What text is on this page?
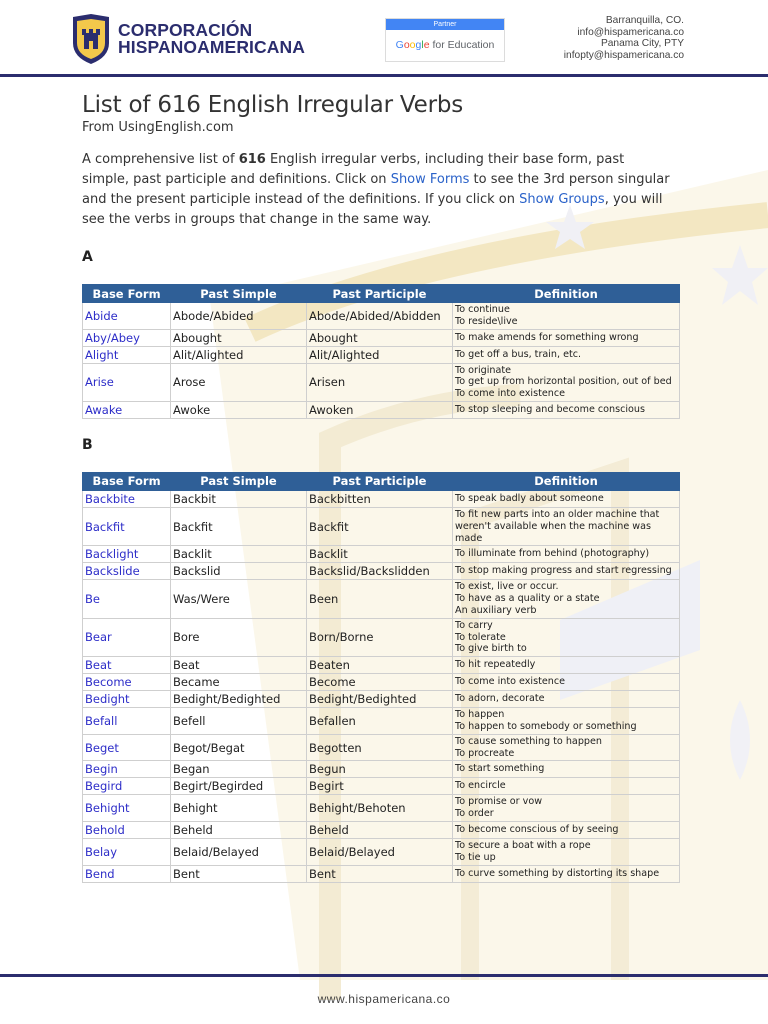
CORPORACIÓN
HISPANOAMERICANA
Partner
Google for Education
Barranquilla, CO.
info@hispamericana.co
Panama City, PTY
infopty@hispamericana.co
List of 616 English Irregular Verbs
From UsingEnglish.com
A comprehensive list of 616 English irregular verbs, including their base form, past simple, past participle and definitions. Click on Show Forms to see the 3rd person singular and the present participle instead of the definitions. If you click on Show Groups, you will see the verbs in groups that change in the same way.
A
Base Form	Past Simple	Past Participle	Definition
Abide	Abode/Abided	Abode/Abided/Abidden	To continue
To reside\live

Aby/Abey	Abought	Abought	To make amends for something wrong

Alight	Alit/Alighted	Alit/Alighted	To get off a bus, train, etc.

Arise	Arose	Arisen	To originate
To get up from horizontal position, out of bed
To come into existence

Awake	Awoke	Awoken	To stop sleeping and become conscious
B
Base Form	Past Simple	Past Participle	Definition
Backbite	Backbit	Backbitten	To speak badly about someone

Backfit	Backfit	Backfit	To fit new parts into an older machine that weren't available when the machine was made

Backlight	Backlit	Backlit	To illuminate from behind (photography)

Backslide	Backslid	Backslid/Backslidden	To stop making progress and start regressing

Be	Was/Were	Been	To exist, live or occur.
To have as a quality or a state
An auxiliary verb

Bear	Bore	Born/Borne	To carry
To tolerate
To give birth to

Beat	Beat	Beaten	To hit repeatedly

Become	Became	Become	To come into existence

Bedight	Bedight/Bedighted	Bedight/Bedighted	To adorn, decorate

Befall	Befell	Befallen	To happen
To happen to somebody or something

Beget	Begot/Begat	Begotten	To cause something to happen
To procreate

Begin	Began	Begun	To start something

Begird	Begirt/Begirded	Begirt	To encircle

Behight	Behight	Behight/Behoten	To promise or vow
To order

Behold	Beheld	Beheld	To become conscious of by seeing

Belay	Belaid/Belayed	Belaid/Belayed	To secure a boat with a rope
To tie up

Bend	Bent	Bent	To curve something by distorting its shape
www.hispamericana.co
